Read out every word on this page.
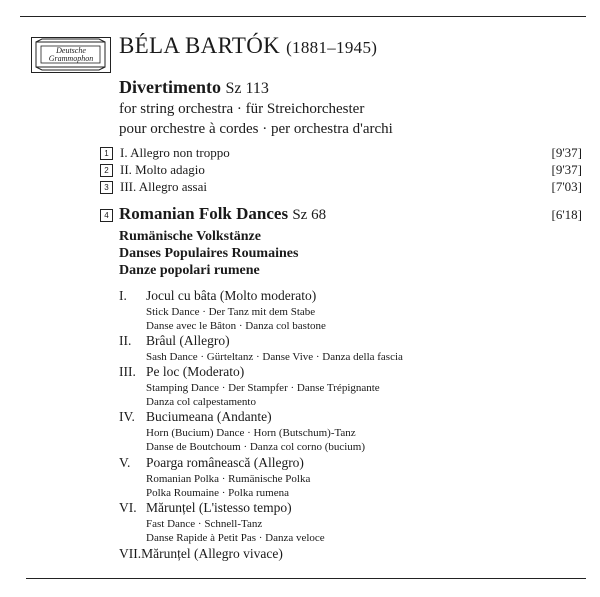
Deutsche
Grammophon
BÉLA BARTÓK (1881–1945)
Divertimento Sz 113
for string orchestra · für Streichorchester
pour orchestre à cordes · per orchestra d'archi
1 I. Allegro non troppo	[9'37]
2 II. Molto adagio	[9'37]
3 III. Allegro assai	[7'03]
4 Romanian Folk Dances Sz 68	[6'18]
Rumänische Volkstänze
Danses Populaires Roumaines
Danze popolari rumene
I. Jocul cu bâta (Molto moderato)
Stick Dance · Der Tanz mit dem Stabe
Danse avec le Bâton · Danza col bastone
II. Brâul (Allegro)
Sash Dance · Gürteltanz · Danse Vive · Danza della fascia
III. Pe loc (Moderato)
Stamping Dance · Der Stampfer · Danse Trépignante
Danza col calpestamento
IV. Buciumeana (Andante)
Horn (Bucium) Dance · Horn (Butschum)-Tanz
Danse de Boutchoum · Danza col corno (bucium)
V. Poarga românească (Allegro)
Romanian Polka · Rumänische Polka
Polka Roumaine · Polka rumena
VI. Mărunțel (L'istesso tempo)
Fast Dance · Schnell-Tanz
Danse Rapide à Petit Pas · Danza veloce
VII.Mărunțel (Allegro vivace)
